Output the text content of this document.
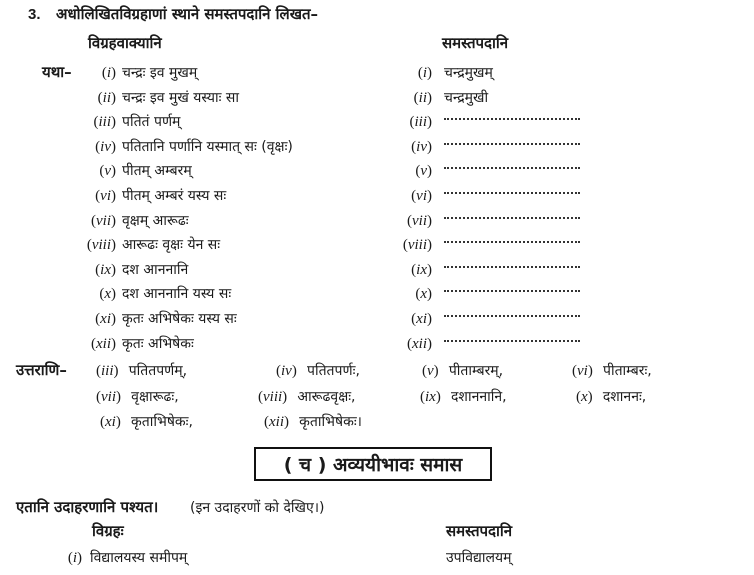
3. अधोलिखितविग्रहाणां स्थाने समस्तपदानि लिखत–
विग्रहवाक्यानि	समस्तपदानि
यथा–	(i) चन्द्रः इव मुखम्	(i) चन्द्रमुखम्
(ii) चन्द्रः इव मुखं यस्याः सा	(ii) चन्द्रमुखी
(iii) पतितं पर्णम्	(iii)
(iv) पतितानि पर्णानि यस्मात् सः (वृक्षः)	(iv)
(v) पीतम् अम्बरम्	(v)
(vi) पीतम् अम्बरं यस्य सः	(vi)
(vii) वृक्षम् आरूढः	(vii)
(viii) आरूढः वृक्षः येन सः	(viii)
(ix) दश आननानि	(ix)
(x) दश आननानि यस्य सः	(x)
(xi) कृतः अभिषेकः यस्य सः	(xi)
(xii) कृतः अभिषेकः	(xii)
उत्तराणि– (iii) पतितपर्णम्,	(iv) पतितपर्णः,	(v) पीताम्बरम्,	(vi) पीताम्बरः,
(vii) वृक्षारूढः,	(viii) आरूढवृक्षः,	(ix) दशाननानि,	(x) दशाननः,
(xi) कृताभिषेकः,	(xii) कृताभिषेकः।
( च ) अव्ययीभावः समास
एतानि उदाहरणानि पश्यत। (इन उदाहरणों को देखिए।)
विग्रहः	समस्तपदानि
(i) विद्यालयस्य समीपम्	उपविद्यालयम्
